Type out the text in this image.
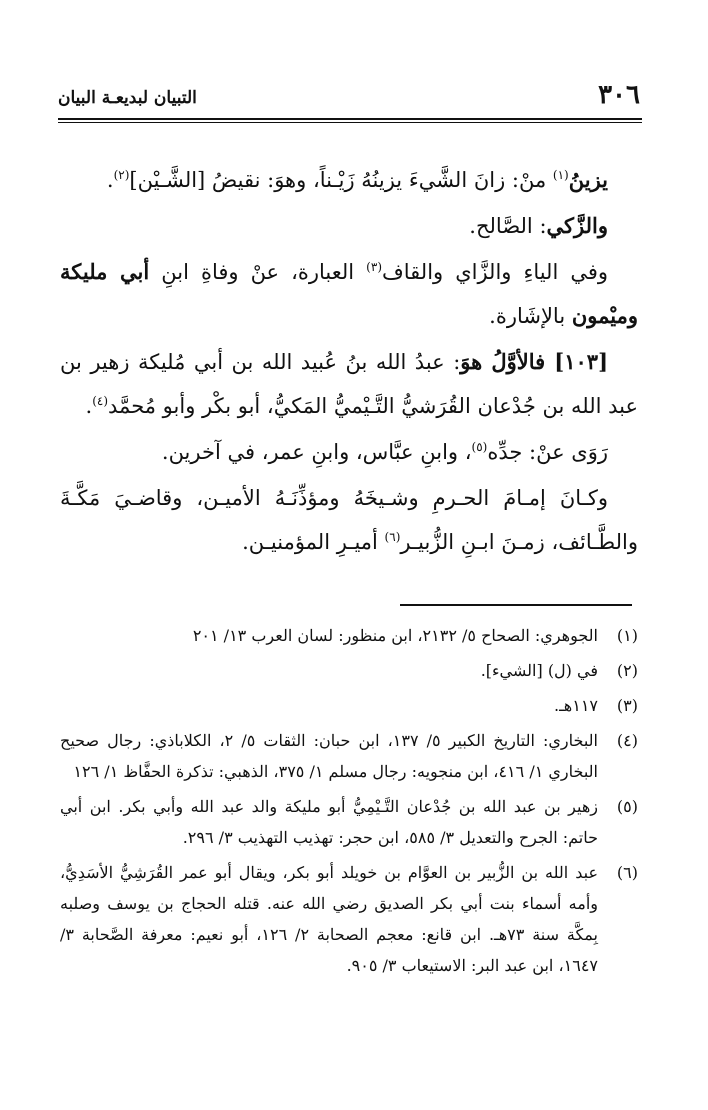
٣٠٦
التبيان لبديعـة البيان

يزينُ$^{(١)}$ منْ: زانَ الشَّيءَ يزينُهُ زَيْـناً، وهوَ: نقيضُ [الشَّـيْن]$^{(٢)}$.

والزَّكي: الصَّالح.

وفي الياءِ والزَّاي والقاف$^{(٣)}$ العبارة، عنْ وفاةِ ابنِ أبي مليكة وميْمون بالإشَارة.

[١٠٣] فالأوَّلُ هوَ: عبدُ الله بنُ عُبيد الله بن أبي مُليكة زهير بن عبد الله بن جُدْعان القُرَشيُّ التَّـيْميُّ المَكيُّ، أبو بكْر وأبو مُحمَّد$^{(٤)}$.

رَوَى عنْ: جدِّه$^{(٥)}$، وابنِ عبَّاس، وابنِ عمر، في آخرين.

وكـانَ إمـامَ الحـرمِ وشـيخَهُ ومؤذِّنَـهُ الأميـن، وقاضـيَ مَكَّـةَ والطَّـائف، زمـنَ ابـنِ الزُّبيـر$^{(٦)}$ أميـرِ المؤمنيـن.

(١)
الجوهري: الصحاح ٥/ ٢١٣٢، ابن منظور: لسان العرب ١٣/ ٢٠١
(٢)
في (ل) [الشيء].
(٣)
١١٧هـ.
(٤)
البخاري: التاريخ الكبير ٥/ ١٣٧، ابن حبان: الثقات ٥/ ٢، الكلاباذي: رجال صحيح البخاري ١/ ٤١٦، ابن منجويه: رجال مسلم ١/ ٣٧٥، الذهبي: تذكرة الحفَّاظ ١/ ١٢٦
(٥)
زهير بن عبد الله بن جُدْعان التَّـيْمِيُّ أبو مليكة والد عبد الله وأبي بكر. ابن أبي حاتم: الجرح والتعديل ٣/ ٥٨٥، ابن حجر: تهذيب التهذيب ٣/ ٢٩٦.
(٦)
عبد الله بن الزُّبير بن العوَّام بن خويلد أبو بكر، ويقال أبو عمر القُرَشِيُّ الأسَدِيُّ، وأمه أسماء بنت أبي بكر الصديق رضي الله عنه. قتله الحجاج بن يوسف وصلبه بِمكَّة سنة ٧٣هـ. ابن قانع: معجم الصحابة ٢/ ١٢٦، أبو نعيم: معرفة الصَّحابة ٣/ ١٦٤٧، ابن عبد البر: الاستيعاب ٣/ ٩٠٥.
